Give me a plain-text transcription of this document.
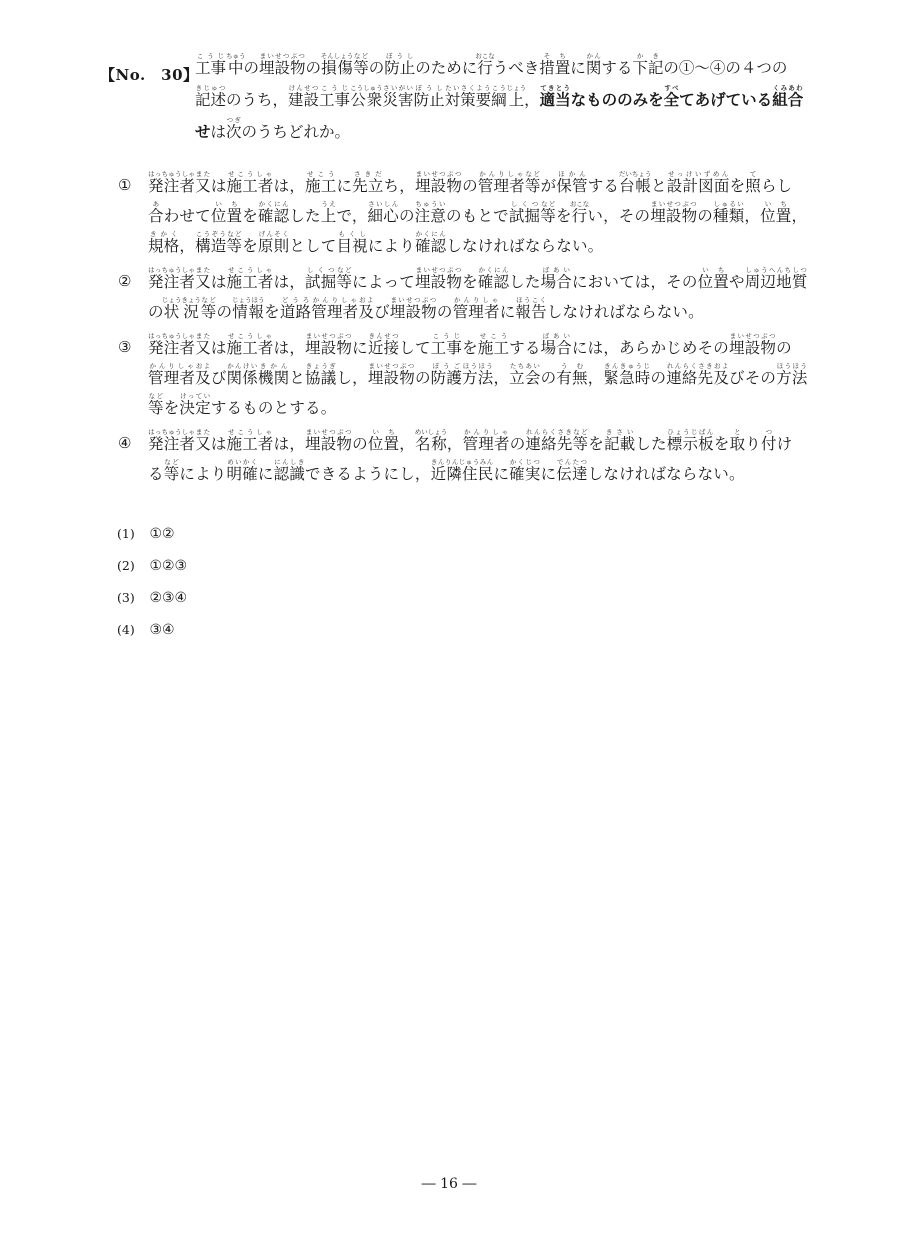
【No.　30】
工事こうじ中ちゅうの埋設物まいせつぶつの損傷そんしょう等などの防止ぼうしのために行おこなうべき措置そちに関かんする下記かきの①～④の４つの記述きじゅつのうち，建設けんせつ工事こうじ公衆こうしゅう災害さいがい防止ぼうし対策たいさく要綱ようこう上じょう，適当てきとうなもののみを全すべてあげている組合くみあわせは次つぎのうちどれか。
① 発注者はっちゅうしゃ又または施工者せこうしゃは，施工せこうに先立さきだち，埋設物まいせつぶつの管理者かんりしゃ等などが保管ほかんする台帳だいちょうと設計図面せっけいずめんを照てらし合あわせて位置いちを確認かくにんした上うえで，細心さいしんの注意ちゅういのもとで試掘しくつ等などを行おこない，その埋設物まいせつぶつの種類しゅるい，位置いち，規格きかく，構造こうぞう等などを原則げんそくとして目視もくしにより確認かくにんしなければならない。
② 発注者はっちゅうしゃ又または施工者せこうしゃは，試掘しくつ等などによって埋設物まいせつぶつを確認かくにんした場合ばあいにおいては，その位置いちや周辺地しゅうへんち質しつの状況じょうきょう等などの情報じょうほうを道路どうろ管理者かんりしゃ及および埋設物まいせつぶつの管理者かんりしゃに報告ほうこくしなければならない。
③ 発注者はっちゅうしゃ又または施工者せこうしゃは，埋設物まいせつぶつに近接きんせつして工事こうじを施工せこうする場合ばあいには，あらかじめその埋設物まいせつぶつの管理者かんりしゃ及および関係かんけい機関きかんと協議きょうぎし，埋設物まいせつぶつの防護ぼうご方法ほうほう，立会たちあいの有無うむ，緊急時きんきゅうじの連絡先れんらくさき及およびその方ほう法ほう等などを決定けっていするものとする。
④ 発注者はっちゅうしゃ又または施工者せこうしゃは，埋設物まいせつぶつの位置いち，名称めいしょう，管理者かんりしゃの連絡先れんらくさき等などを記載きさいした標示板ひょうじばんを取とり付つける等などにより明確めいかくに認識にんしきできるようにし，近隣住民きんりんじゅうみんに確実かくじつに伝達でんたつしなければならない。
(1) ①②
(2) ①②③
(3) ②③④
(4) ③④
― 16 ―
